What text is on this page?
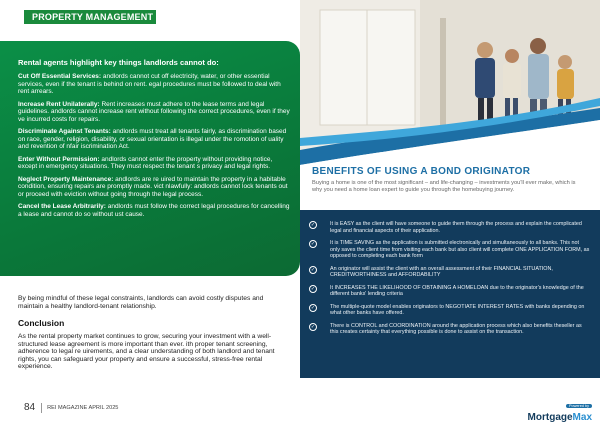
PROPERTY MANAGEMENT
Rental agents highlight key things landlords cannot do:

Cut Off Essential Services: andlords cannot cut off electricity, water, or other essential services, even if the tenant is behind on rent. egal procedures must be followed to deal with rent arrears.

Increase Rent Unilaterally: Rent increases must adhere to the lease terms and legal guidelines. andlords cannot increase rent without following the correct procedures, even if they ve incurred costs for repairs.

Discriminate Against Tenants: andlords must treat all tenants fairly, as discrimination based on race, gender, religion, disability, or sexual orientation is illegal under the romotion of uality and revention of nfair iscrimination Act.

Enter Without Permission: andlords cannot enter the property without providing notice, except in emergency situations. They must respect the tenant s privacy and legal rights.

Neglect Property Maintenance: andlords are re uired to maintain the property in a habitable condition, ensuring repairs are promptly made. vict nlawfully: andlords cannot lock tenants out or proceed with eviction without going through the legal process.

Cancel the Lease Arbitrarily: andlords must follow the correct legal procedures for cancelling a lease and cannot do so without ust cause.

By being mindful of these legal constraints, landlords can avoid costly disputes and maintain a healthy landlord-tenant relationship.

Conclusion

As the rental property market continues to grow, securing your investment with a well-structured lease agreement is more important than ever. ith proper tenant screening, adherence to legal re uirements, and a clear understanding of both landlord and tenant rights, you can safeguard your property and ensure a successful, stress-free rental experience.

84 REI MAGAZINE APRIL 2025
BENEFITS OF USING A BOND ORIGINATOR

Buying a home is one of the most significant – and life-changing – investments you'll ever make, which is why you need a home loan expert to guide you through the homebuying journey.

✓	It is EASY as the client will have someone to guide them through the process and explain the complicated legal and financial aspects of their application.
✓	It is TIME SAVING as the application is submitted electronically and simultaneously to all banks. This not only saves the client time from visiting each bank but also client will complete ONE APPLICATION FORM, as opposed to completing each bank form
✓	An originator will assist the client with an overall assessment of their FINANCIAL SITUATION, CREDITWORTHINESS and AFFORDABILITY
✓	It INCREASES THE LIKELIHOOD OF OBTAINING A HOMELOAN due to the originator's knowledge of the different banks' lending criteria
✓	The multiple-quote model enables originators to NEGOTIATE INTEREST RATES with banks depending on what other banks have offered.
✓	There is CONTROL and COORDINATION around the application process which also benefits theseller as this creates certainty that everything possible is done to assist on the transaction.
Powered by
MortgageMax
